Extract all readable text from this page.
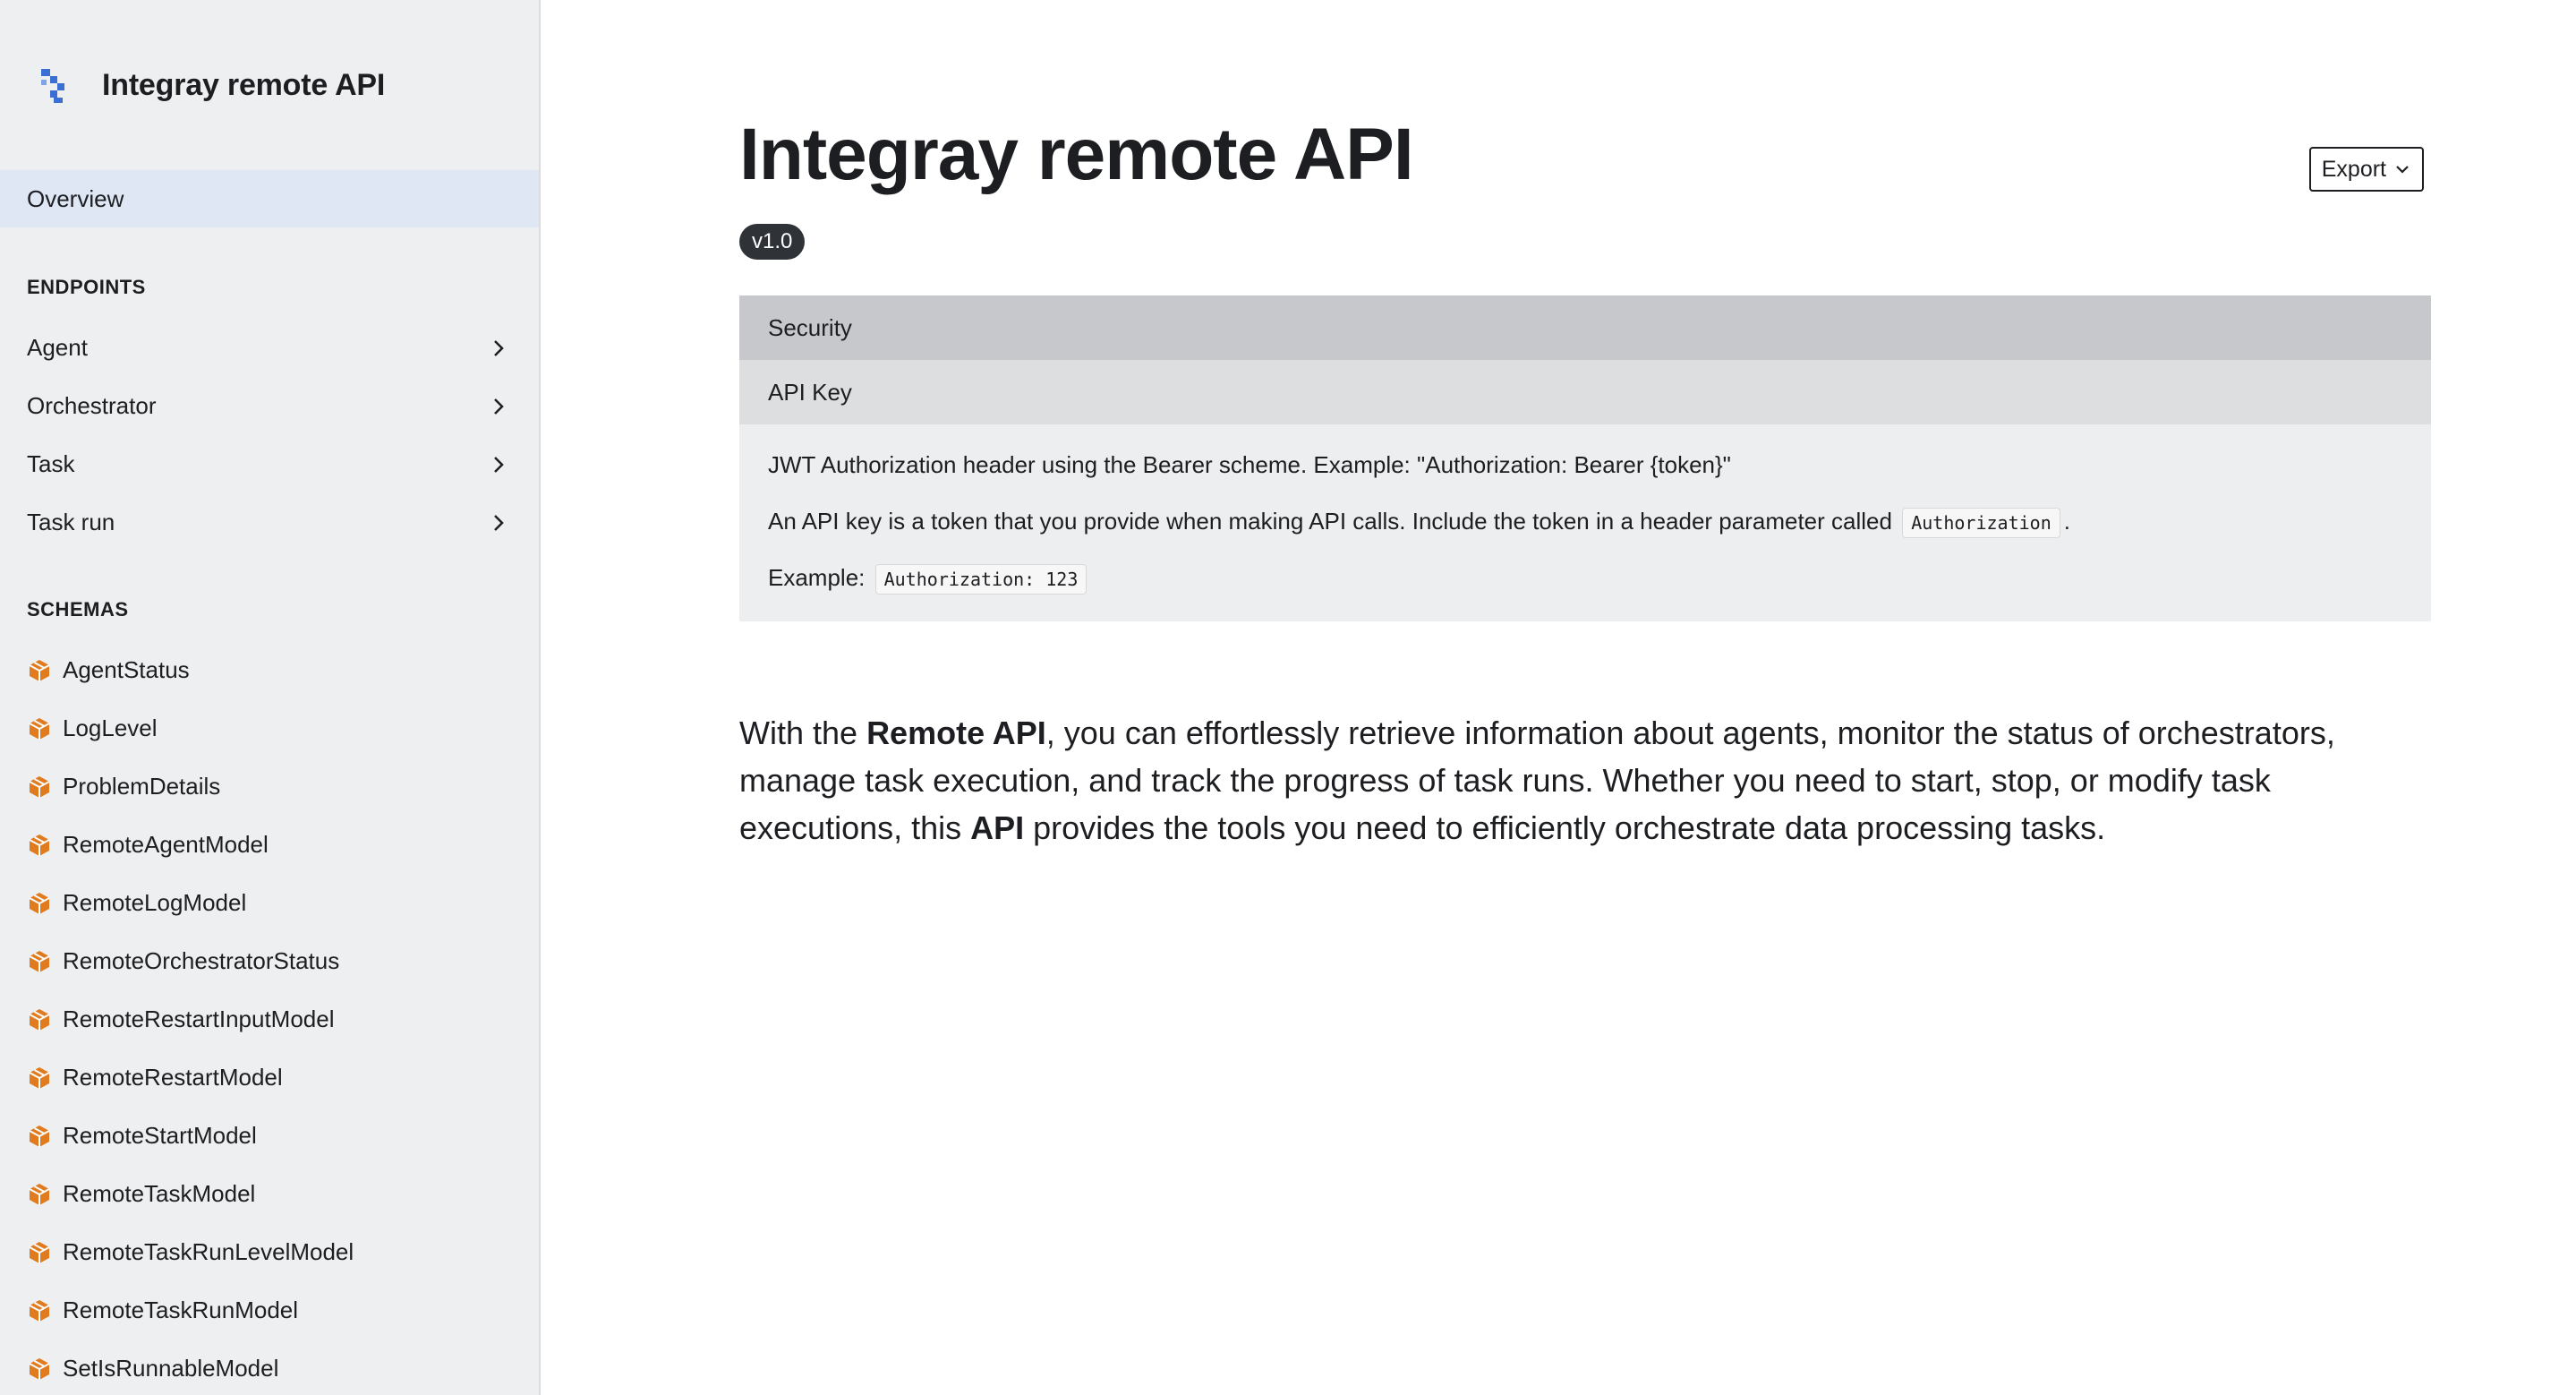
Integray remote API
Overview
ENDPOINTS
Agent
Orchestrator
Task
Task run
SCHEMAS
AgentStatus
LogLevel
ProblemDetails
RemoteAgentModel
RemoteLogModel
RemoteOrchestratorStatus
RemoteRestartInputModel
RemoteRestartModel
RemoteStartModel
RemoteTaskModel
RemoteTaskRunLevelModel
RemoteTaskRunModel
SetIsRunnableModel
Integray remote API
v1.0
Export
Security
API Key

JWT Authorization header using the Bearer scheme. Example: "Authorization: Bearer {token}"

An API key is a token that you provide when making API calls. Include the token in a header parameter called Authorization .

Example: Authorization: 123

With the Remote API, you can effortlessly retrieve information about agents, monitor the status of orchestrators, manage task execution, and track the progress of task runs. Whether you need to start, stop, or modify task executions, this API provides the tools you need to efficiently orchestrate data processing tasks.
